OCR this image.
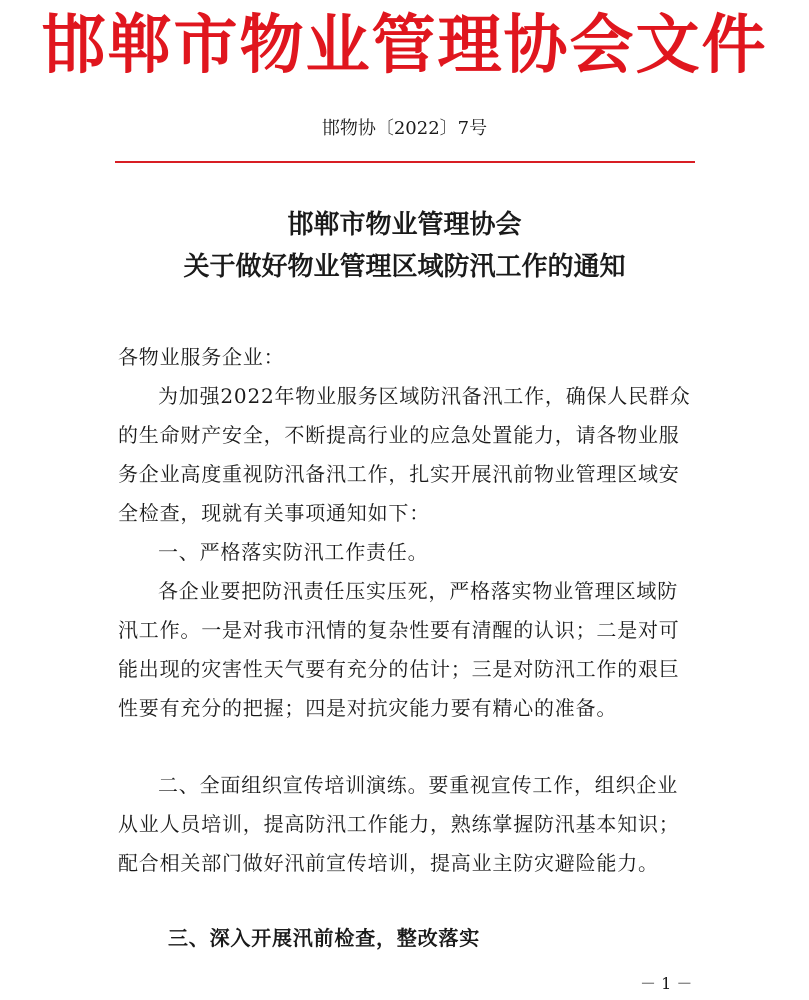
邯郸市物业管理协会文件
邯物协〔2022〕7号
邯郸市物业管理协会
关于做好物业管理区域防汛工作的通知

各物业服务企业：

为加强2022年物业服务区域防汛备汛工作，确保人民群众的生命财产安全，不断提高行业的应急处置能力，请各物业服务企业高度重视防汛备汛工作，扎实开展汛前物业管理区域安全检查，现就有关事项通知如下：

一、严格落实防汛工作责任。

各企业要把防汛责任压实压死，严格落实物业管理区域防汛工作。一是对我市汛情的复杂性要有清醒的认识；二是对可能出现的灾害性天气要有充分的估计；三是对防汛工作的艰巨性要有充分的把握；四是对抗灾能力要有精心的准备。

二、全面组织宣传培训演练。要重视宣传工作，组织企业从业人员培训，提高防汛工作能力，熟练掌握防汛基本知识；配合相关部门做好汛前宣传培训，提高业主防灾避险能力。

三、深入开展汛前检查，整改落实
－ 1 －
